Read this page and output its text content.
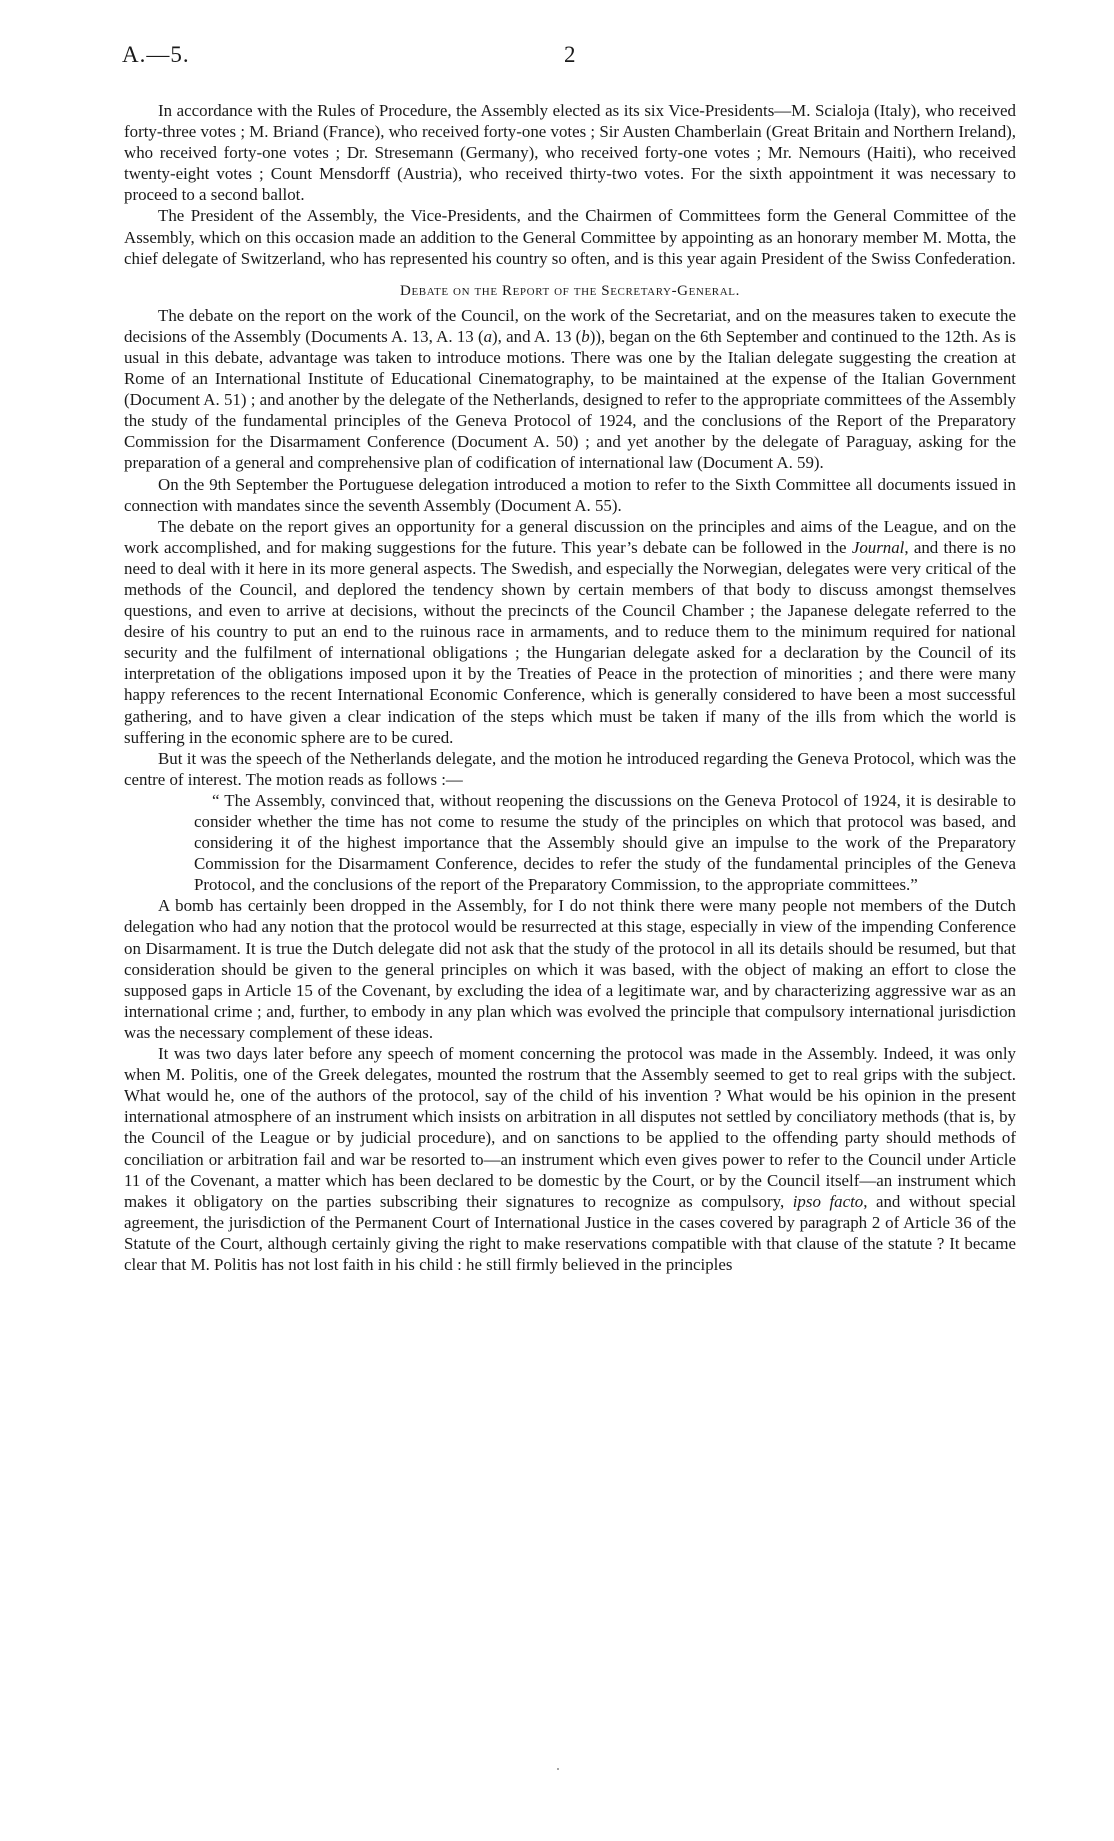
A.—5.	2

In accordance with the Rules of Procedure, the Assembly elected as its six Vice-Presidents—M. Scialoja (Italy), who received forty-three votes ; M. Briand (France), who received forty-one votes ; Sir Austen Chamberlain (Great Britain and Northern Ireland), who received forty-one votes ; Dr. Stresemann (Germany), who received forty-one votes ; Mr. Nemours (Haiti), who received twenty-eight votes ; Count Mensdorff (Austria), who received thirty-two votes. For the sixth appointment it was necessary to proceed to a second ballot.

The President of the Assembly, the Vice-Presidents, and the Chairmen of Committees form the General Committee of the Assembly, which on this occasion made an addition to the General Committee by appointing as an honorary member M. Motta, the chief delegate of Switzerland, who has represented his country so often, and is this year again President of the Swiss Confederation.

Debate on the Report of the Secretary-General.

The debate on the report on the work of the Council, on the work of the Secretariat, and on the measures taken to execute the decisions of the Assembly (Documents A. 13, A. 13 (a), and A. 13 (b)), began on the 6th September and continued to the 12th. As is usual in this debate, advantage was taken to introduce motions. There was one by the Italian delegate suggesting the creation at Rome of an International Institute of Educational Cinematography, to be maintained at the expense of the Italian Government (Document A. 51) ; and another by the delegate of the Netherlands, designed to refer to the appropriate committees of the Assembly the study of the fundamental principles of the Geneva Protocol of 1924, and the conclusions of the Report of the Preparatory Commission for the Disarmament Conference (Document A. 50) ; and yet another by the delegate of Paraguay, asking for the preparation of a general and comprehensive plan of codification of international law (Document A. 59).

On the 9th September the Portuguese delegation introduced a motion to refer to the Sixth Committee all documents issued in connection with mandates since the seventh Assembly (Document A. 55).

The debate on the report gives an opportunity for a general discussion on the principles and aims of the League, and on the work accomplished, and for making suggestions for the future. This year’s debate can be followed in the Journal, and there is no need to deal with it here in its more general aspects. The Swedish, and especially the Norwegian, delegates were very critical of the methods of the Council, and deplored the tendency shown by certain members of that body to discuss amongst themselves questions, and even to arrive at decisions, without the precincts of the Council Chamber ; the Japanese delegate referred to the desire of his country to put an end to the ruinous race in armaments, and to reduce them to the minimum required for national security and the fulfilment of international obligations ; the Hungarian delegate asked for a declaration by the Council of its interpretation of the obligations imposed upon it by the Treaties of Peace in the protection of minorities ; and there were many happy references to the recent International Economic Conference, which is generally considered to have been a most successful gathering, and to have given a clear indication of the steps which must be taken if many of the ills from which the world is suffering in the economic sphere are to be cured.

But it was the speech of the Netherlands delegate, and the motion he introduced regarding the Geneva Protocol, which was the centre of interest. The motion reads as follows :—

“ The Assembly, convinced that, without reopening the discussions on the Geneva Protocol of 1924, it is desirable to consider whether the time has not come to resume the study of the principles on which that protocol was based, and considering it of the highest importance that the Assembly should give an impulse to the work of the Preparatory Commission for the Disarmament Conference, decides to refer the study of the fundamental principles of the Geneva Protocol, and the conclusions of the report of the Preparatory Commission, to the appropriate committees.”

A bomb has certainly been dropped in the Assembly, for I do not think there were many people not members of the Dutch delegation who had any notion that the protocol would be resurrected at this stage, especially in view of the impending Conference on Disarmament. It is true the Dutch delegate did not ask that the study of the protocol in all its details should be resumed, but that consideration should be given to the general principles on which it was based, with the object of making an effort to close the supposed gaps in Article 15 of the Covenant, by excluding the idea of a legitimate war, and by characterizing aggressive war as an international crime ; and, further, to embody in any plan which was evolved the principle that compulsory international jurisdiction was the necessary complement of these ideas.

It was two days later before any speech of moment concerning the protocol was made in the Assembly. Indeed, it was only when M. Politis, one of the Greek delegates, mounted the rostrum that the Assembly seemed to get to real grips with the subject. What would he, one of the authors of the protocol, say of the child of his invention ? What would be his opinion in the present international atmosphere of an instrument which insists on arbitration in all disputes not settled by conciliatory methods (that is, by the Council of the League or by judicial procedure), and on sanctions to be applied to the offending party should methods of conciliation or arbitration fail and war be resorted to—an instrument which even gives power to refer to the Council under Article 11 of the Covenant, a matter which has been declared to be domestic by the Court, or by the Council itself—an instrument which makes it obligatory on the parties subscribing their signatures to recognize as compulsory, ipso facto, and without special agreement, the jurisdiction of the Permanent Court of International Justice in the cases covered by paragraph 2 of Article 36 of the Statute of the Court, although certainly giving the right to make reservations compatible with that clause of the statute ? It became clear that M. Politis has not lost faith in his child : he still firmly believed in the principles
